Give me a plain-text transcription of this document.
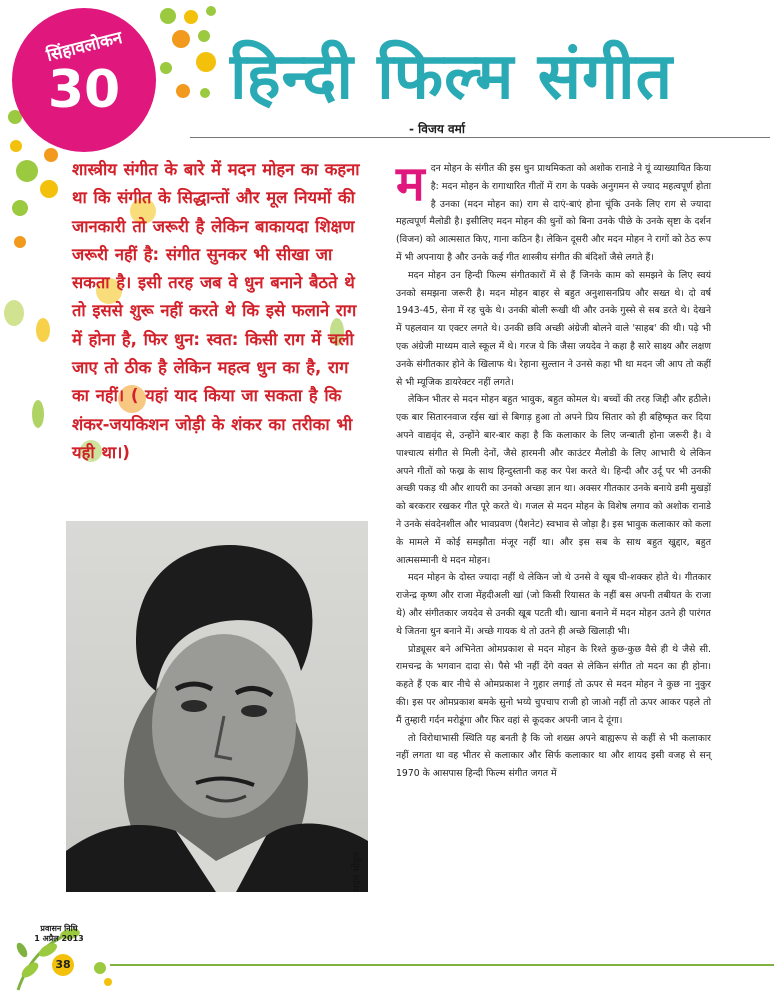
सिंहावलोकन
30	हिन्दी फिल्म संगीत
- विजय वर्मा
शास्त्रीय संगीत के बारे में मदन मोहन का कहना था कि संगीत के सिद्धान्तों और मूल नियमों की जानकारी तो जरूरी है लेकिन बाकायदा शिक्षण जरूरी नहीं है: संगीत सुनकर भी सीखा जा सकता है। इसी तरह जब वे धुन बनाने बैठते थे तो इससे शुरू नहीं करते थे कि इसे फलाने राग में होना है, फिर धुन: स्वत: किसी राग में चली जाए तो ठीक है लेकिन महत्व धुन का है, राग का नहीं। ( यहां याद किया जा सकता है कि शंकर-जयकिशन जोड़ी के शंकर का तरीका भी यही था।)
मदन मोहन

मदन मोहन के संगीत की इस धुन प्राथमिकता को अशोक रानाडे ने यूं व्याख्यायित किया है: मदन मोहन के रागाधारित गीतों में राग के पक्के अनुगमन से ज्याद महत्वपूर्ण होता है उनका (मदन मोहन का) राग से दाएं-बाएं होना चूंकि उनके लिए राग से ज्यादा महत्वपूर्ण मैलोडी है। इसीलिए मदन मोहन की धुनों को बिना उनके पीछे के उनके सृष्टा के दर्शन (विजन) को आत्मसात किए, गाना कठिन है। लेकिन दूसरी और मदन मोहन ने रागों को ठेठ रूप में भी अपनाया है और उनके कई गीत शास्त्रीय संगीत की बंदिशों जैसे लगते हैं।

मदन मोहन उन हिन्दी फिल्म संगीतकारों में से हैं जिनके काम को समझने के लिए स्वयं उनको समझना जरूरी है। मदन मोहन बाहर से बहुत अनुशासनप्रिय और सख्त थे। दो वर्ष 1943-45, सेना में रह चुके थे। उनकी बोली रूखी थी और उनके गुस्से से सब डरते थे। देखने में पहलवान या एक्टर लगते थे। उनकी छवि अच्छी अंग्रेजी बोलने वाले 'साहब' की थी। पढ़े भी एक अंग्रेजी माध्यम वाले स्कूल में थे। गरज ये कि जैसा जयदेव ने कहा है सारे साक्ष्य और लक्षण उनके संगीतकार होने के खिलाफ थे। रेहाना सुल्तान ने उनसे कहा भी था मदन जी आप तो कहीं से भी म्यूजिक डायरेक्टर नहीं लगते।

लेकिन भीतर से मदन मोहन बहुत भावुक, बहुत कोमल थे। बच्चों की तरह जिद्दी और हठीले। एक बार सितारनवाज रईस खां से बिगाड़ हुआ तो अपने प्रिय सितार को ही बहिष्कृत कर दिया अपने वाद्यवृंद से, उन्होंने बार-बार कहा है कि कलाकार के लिए जन्बाती होना जरूरी है। वे पाश्चात्य संगीत से मिली देनों, जैसे हारमनी और काउंटर मैलोडी के लिए आभारी थे लेकिन अपने गीतों को फख्र के साथ हिन्दुस्तानी कह कर पेश करते थे। हिन्दी और उर्दू पर भी उनकी अच्छी पकड़ थी और शायरी का उनको अच्छा ज्ञान था। अक्सर गीतकार उनके बनाये डमी मुखड़ों को बरकरार रखकर गीत पूरे करते थे। गजल से मदन मोहन के विशेष लगाव को अशोक रानाडे ने उनके संवदेनशील और भावप्रवण (पैशनेट) स्वभाव से जोड़ा है। इस भावुक कलाकार को कला के मामले में कोई समझौता मंजूर नहीं था। और इस सब के साथ बहुत खुद्दार, बहुत आत्मसम्मानी थे मदन मोहन।

मदन मोहन के दोस्त ज्यादा नहीं थे लेकिन जो थे उनसे वे खूब घी-शक्कर होते थे। गीतकार राजेन्द्र कृष्ण और राजा मेंहदीअली खां (जो किसी रियासत के नहीं बस अपनी तबीयत के राजा थे) और संगीतकार जयदेव से उनकी खूब पटती थी। खाना बनाने में मदन मोहन उतने ही पारंगत थे जितना धुन बनाने में। अच्छे गायक थे तो उतने ही अच्छे खिलाड़ी भी।

प्रोड्यूसर बने अभिनेता ओमप्रकाश से मदन मोहन के रिश्ते कुछ-कुछ वैसे ही थे जैसे सी. रामचन्द्र के भगवान दादा से। पैसे भी नहीं देंगे वक्त से लेकिन संगीत तो मदन का ही होना। कहते हैं एक बार नीचे से ओमप्रकाश ने गुहार लगाई तो ऊपर से मदन मोहन ने कुछ ना नुकुर की। इस पर ओमप्रकाश बमके सुनो भय्ये चुपचाप राजी हो जाओ नहीं तो ऊपर आकर पहले तो मैं तुम्हारी गर्दन मरोडूंगा और फिर वहां से कूदकर अपनी जान दे दूंगा।

तो विरोधाभासी स्थिति यह बनती है कि जो शख्स अपने बाह्यरूप से कहीं से भी कलाकार नहीं लगता था वह भीतर से कलाकार और सिर्फ कलाकार था और शायद इसी वजह से सन् 1970 के आसपास हिन्दी फिल्म संगीत जगत में

प्रवासन निधि
1 अप्रैल 2013
38
